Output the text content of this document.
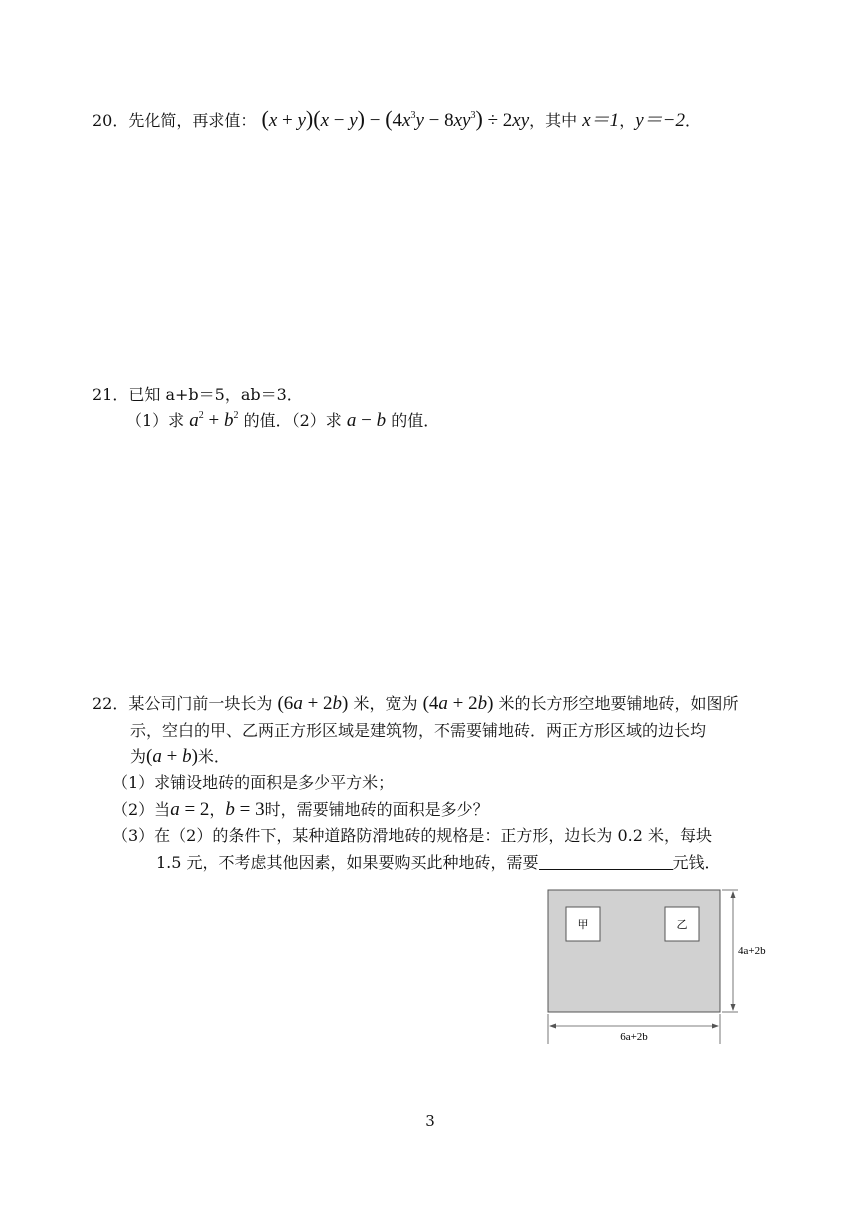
20．先化简，再求值： $(x + y)(x - y) - (4x^3y - 8xy^3) \div 2xy$，其中 x＝1，y＝−2．
21．已知 a+b＝5，ab＝3．
（1）求 $a^2 + b^2$ 的值．（2）求 a − b 的值．
22．某公司门前一块长为 (6a + 2b) 米，宽为 (4a + 2b) 米的长方形空地要铺地砖，如图所
示，空白的甲、乙两正方形区域是建筑物，不需要铺地砖．两正方形区域的边长均
为(a + b)米．
（1）求铺设地砖的面积是多少平方米；
（2）当a = 2，b = 3时，需要铺地砖的面积是多少？
（3）在（2）的条件下，某种道路防滑地砖的规格是：正方形，边长为 0.2 米，每块
1.5 元，不考虑其他因素，如果要购买此种地砖，需要	元钱．
甲	乙
4a+2b
6a+2b
3
